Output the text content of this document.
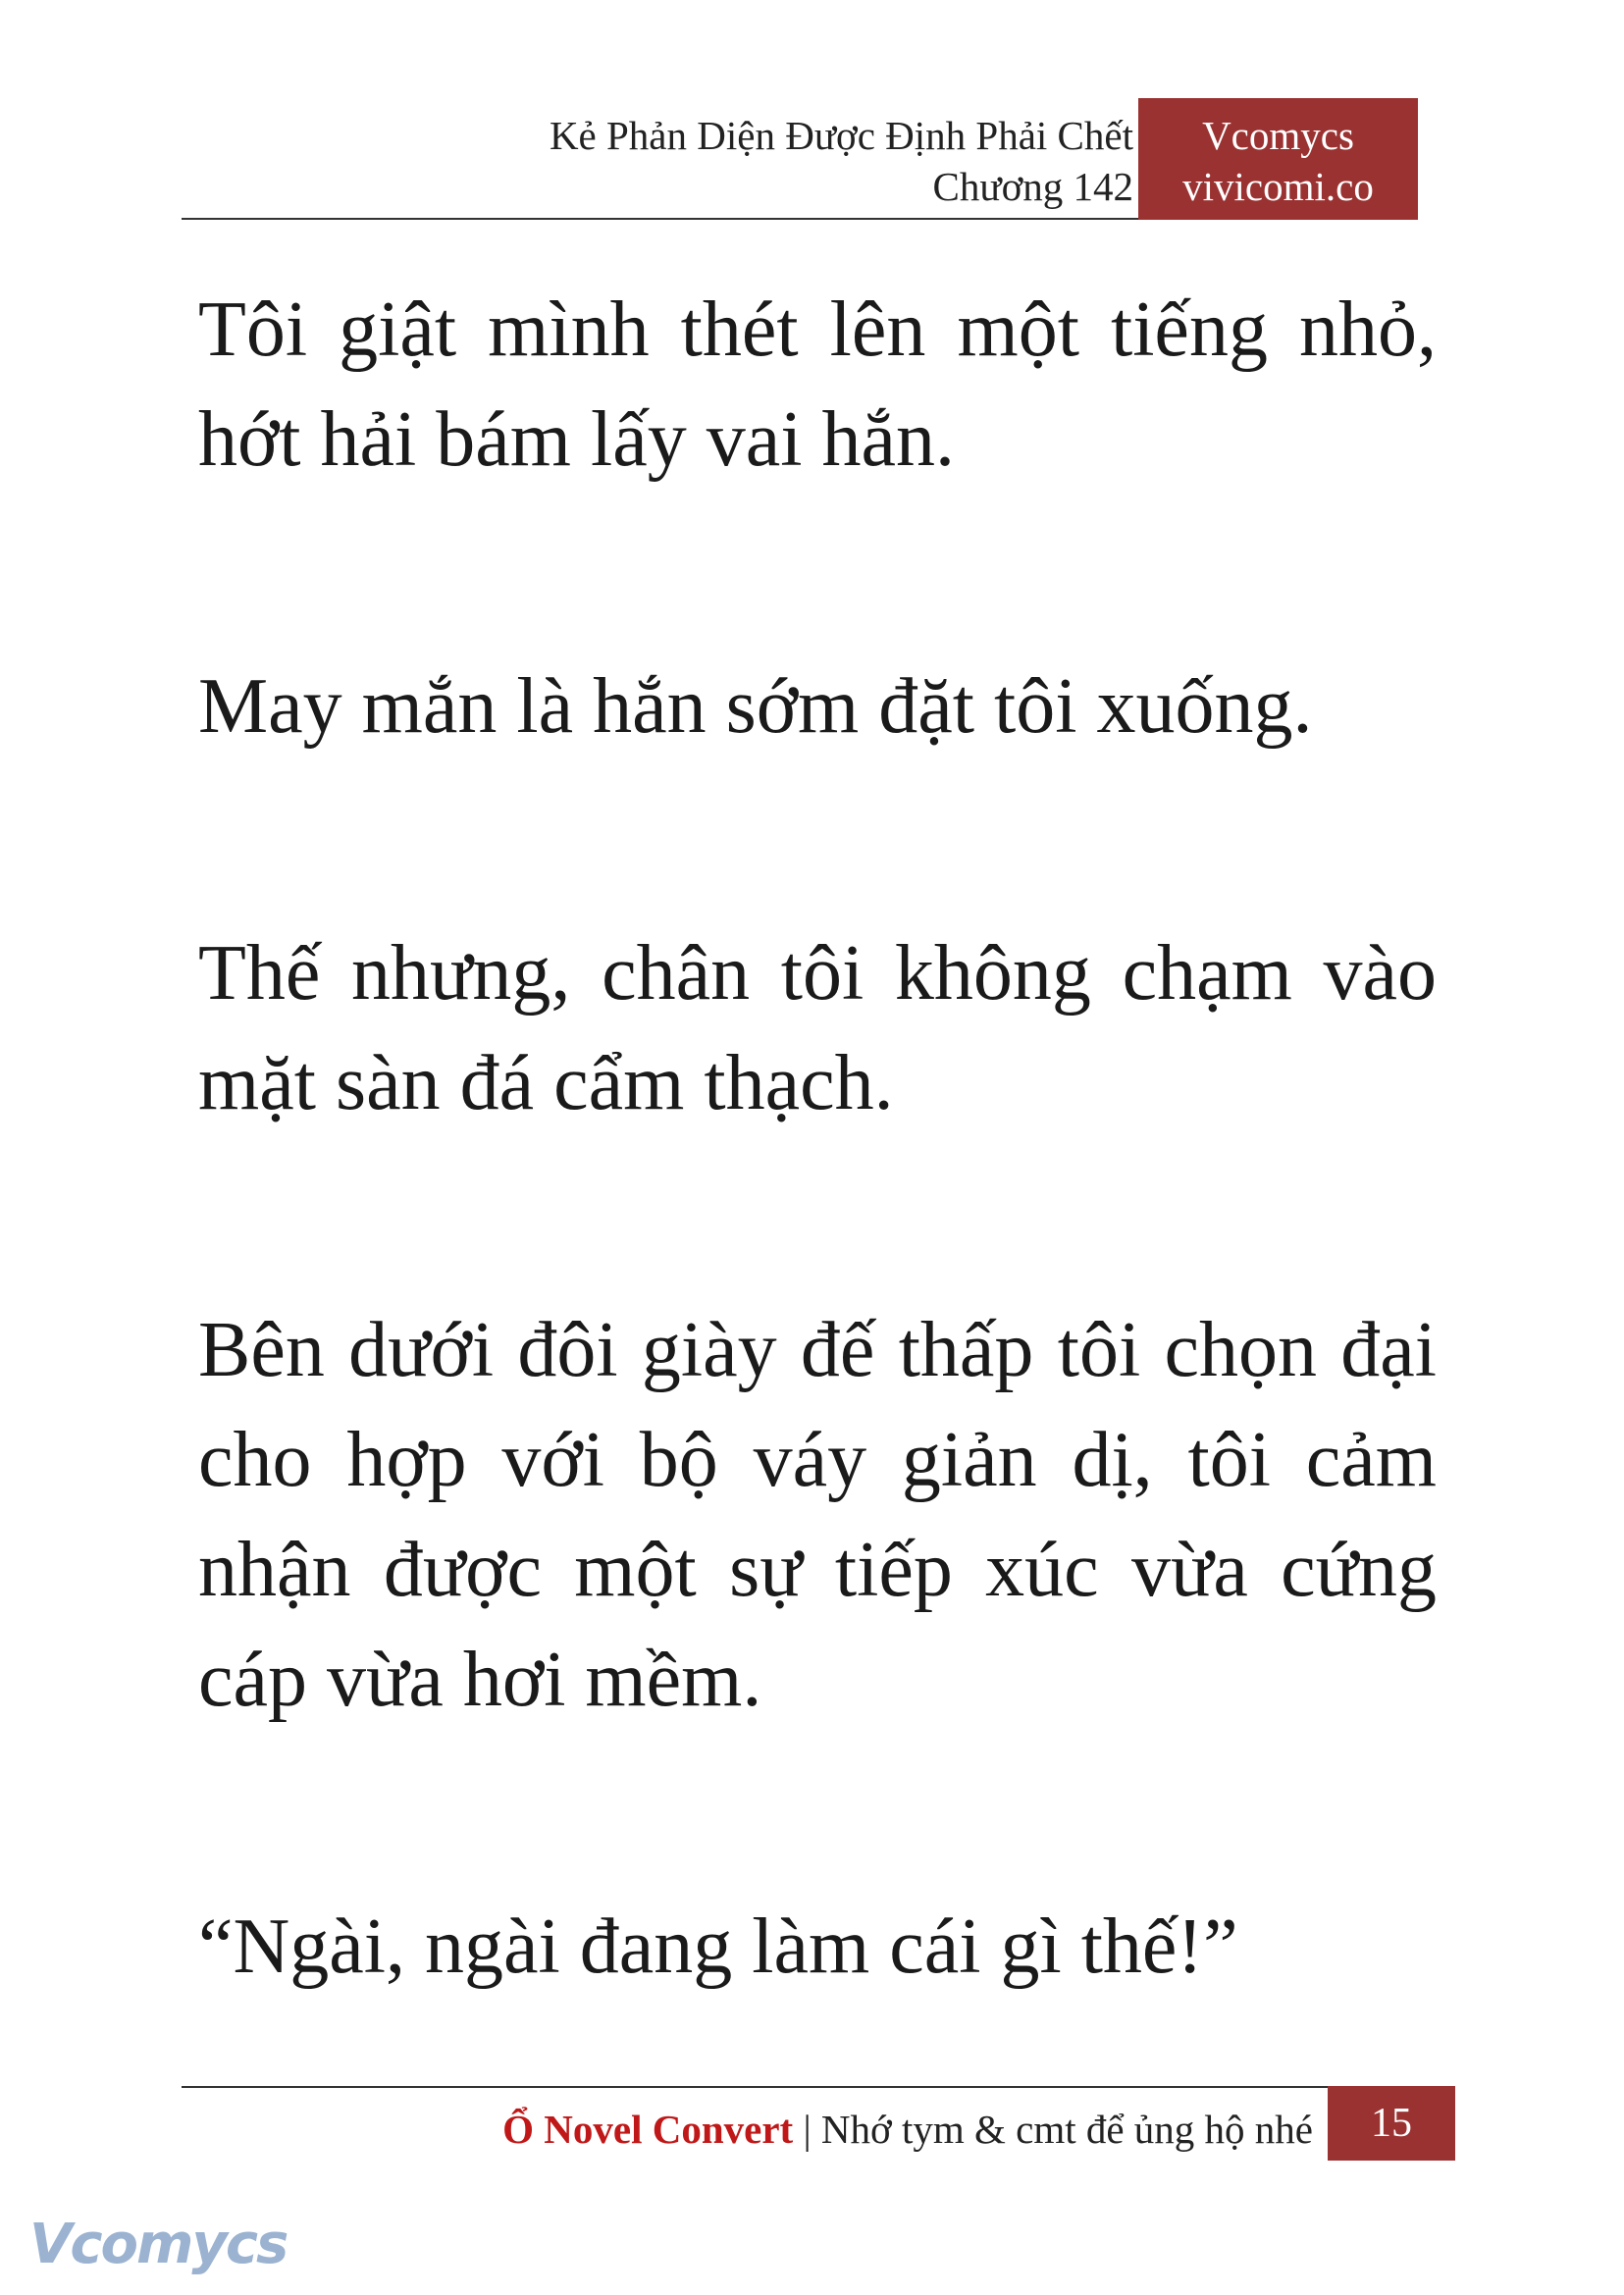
Kẻ Phản Diện Được Định Phải Chết
Chương 142
Vcomycs
vivicomi.co

Tôi giật mình thét lên một tiếng nhỏ, hớt hải bám lấy vai hắn.

May mắn là hắn sớm đặt tôi xuống.

Thế nhưng, chân tôi không chạm vào mặt sàn đá cẩm thạch.

Bên dưới đôi giày đế thấp tôi chọn đại cho hợp với bộ váy giản dị, tôi cảm nhận được một sự tiếp xúc vừa cứng cáp vừa hơi mềm.

“Ngài, ngài đang làm cái gì thế!”

Ổ Novel Convert | Nhớ tym & cmt để ủng hộ nhé	15
Vcomycs
